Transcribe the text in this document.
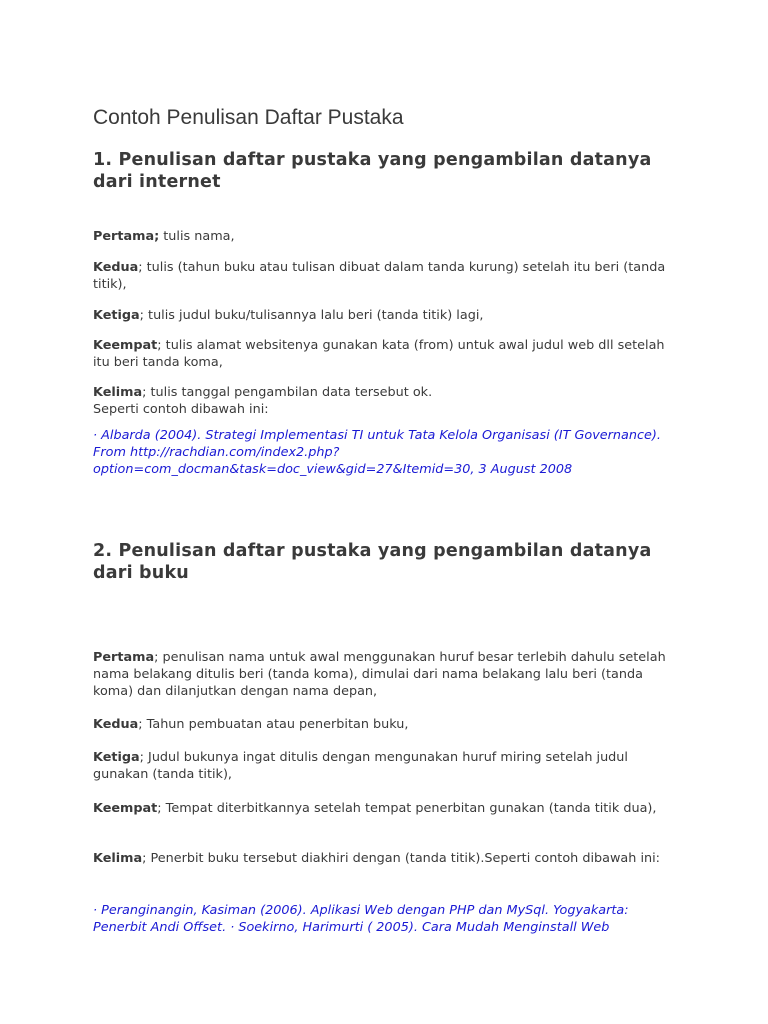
Contoh Penulisan Daftar Pustaka
1. Penulisan daftar pustaka yang pengambilan datanya dari internet

Pertama; tulis nama,

Kedua; tulis (tahun buku atau tulisan dibuat dalam tanda kurung) setelah itu beri (tanda titik),

Ketiga; tulis judul buku/tulisannya lalu beri (tanda titik) lagi,

Keempat; tulis alamat websitenya gunakan kata (from) untuk awal judul web dll setelah itu beri tanda koma,

Kelima; tulis tanggal pengambilan data tersebut ok.
Seperti contoh dibawah ini:

· Albarda (2004). Strategi Implementasi TI untuk Tata Kelola Organisasi (IT Governance). From http://rachdian.com/index2.php?option=com_docman&task=doc_view&gid=27&Itemid=30, 3 August 2008

2. Penulisan daftar pustaka yang pengambilan datanya dari buku

Pertama; penulisan nama untuk awal menggunakan huruf besar terlebih dahulu setelah nama belakang ditulis beri (tanda koma), dimulai dari nama belakang lalu beri (tanda koma) dan dilanjutkan dengan nama depan,

Kedua; Tahun pembuatan atau penerbitan buku,

Ketiga; Judul bukunya ingat ditulis dengan mengunakan huruf miring setelah judul gunakan (tanda titik),

Keempat; Tempat diterbitkannya setelah tempat penerbitan gunakan (tanda titik dua),

Kelima; Penerbit buku tersebut diakhiri dengan (tanda titik).Seperti contoh dibawah ini:

· Peranginangin, Kasiman (2006). Aplikasi Web dengan PHP dan MySql. Yogyakarta: Penerbit Andi Offset. · Soekirno, Harimurti ( 2005). Cara Mudah Menginstall Web
